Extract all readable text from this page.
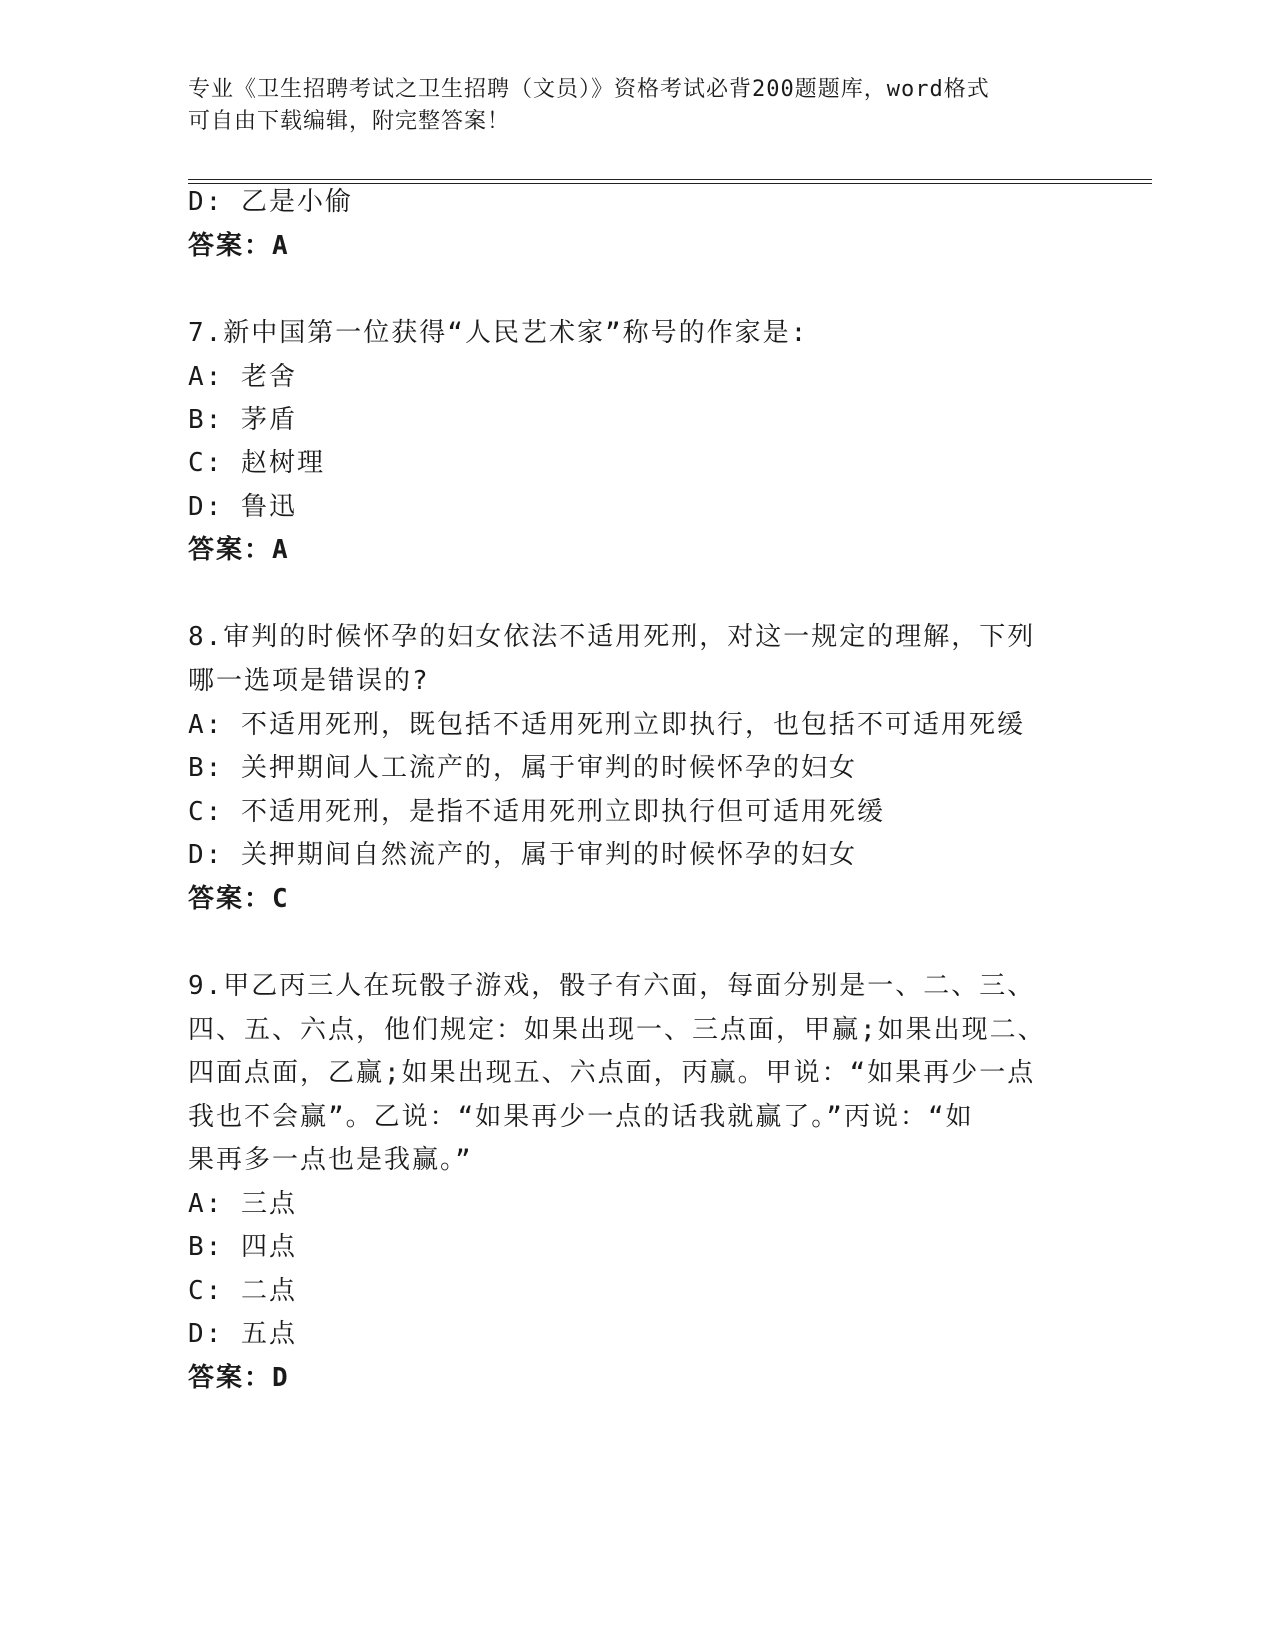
专业《卫生招聘考试之卫生招聘（文员）》资格考试必背200题题库，word格式
可自由下载编辑，附完整答案！
D: 乙是小偷
答案：A
7.新中国第一位获得“人民艺术家”称号的作家是:
A: 老舍
B: 茅盾
C: 赵树理
D: 鲁迅
答案：A
8.审判的时候怀孕的妇女依法不适用死刑，对这一规定的理解，下列
哪一选项是错误的?
A: 不适用死刑，既包括不适用死刑立即执行，也包括不可适用死缓
B: 关押期间人工流产的，属于审判的时候怀孕的妇女
C: 不适用死刑，是指不适用死刑立即执行但可适用死缓
D: 关押期间自然流产的，属于审判的时候怀孕的妇女
答案：C
9.甲乙丙三人在玩骰子游戏，骰子有六面，每面分别是一、二、三、
四、五、六点，他们规定：如果出现一、三点面，甲赢;如果出现二、
四面点面，乙赢;如果出现五、六点面，丙赢。甲说：“如果再少一点
我也不会赢”。乙说：“如果再少一点的话我就赢了。”丙说：“如
果再多一点也是我赢。”
A: 三点
B: 四点
C: 二点
D: 五点
答案：D
